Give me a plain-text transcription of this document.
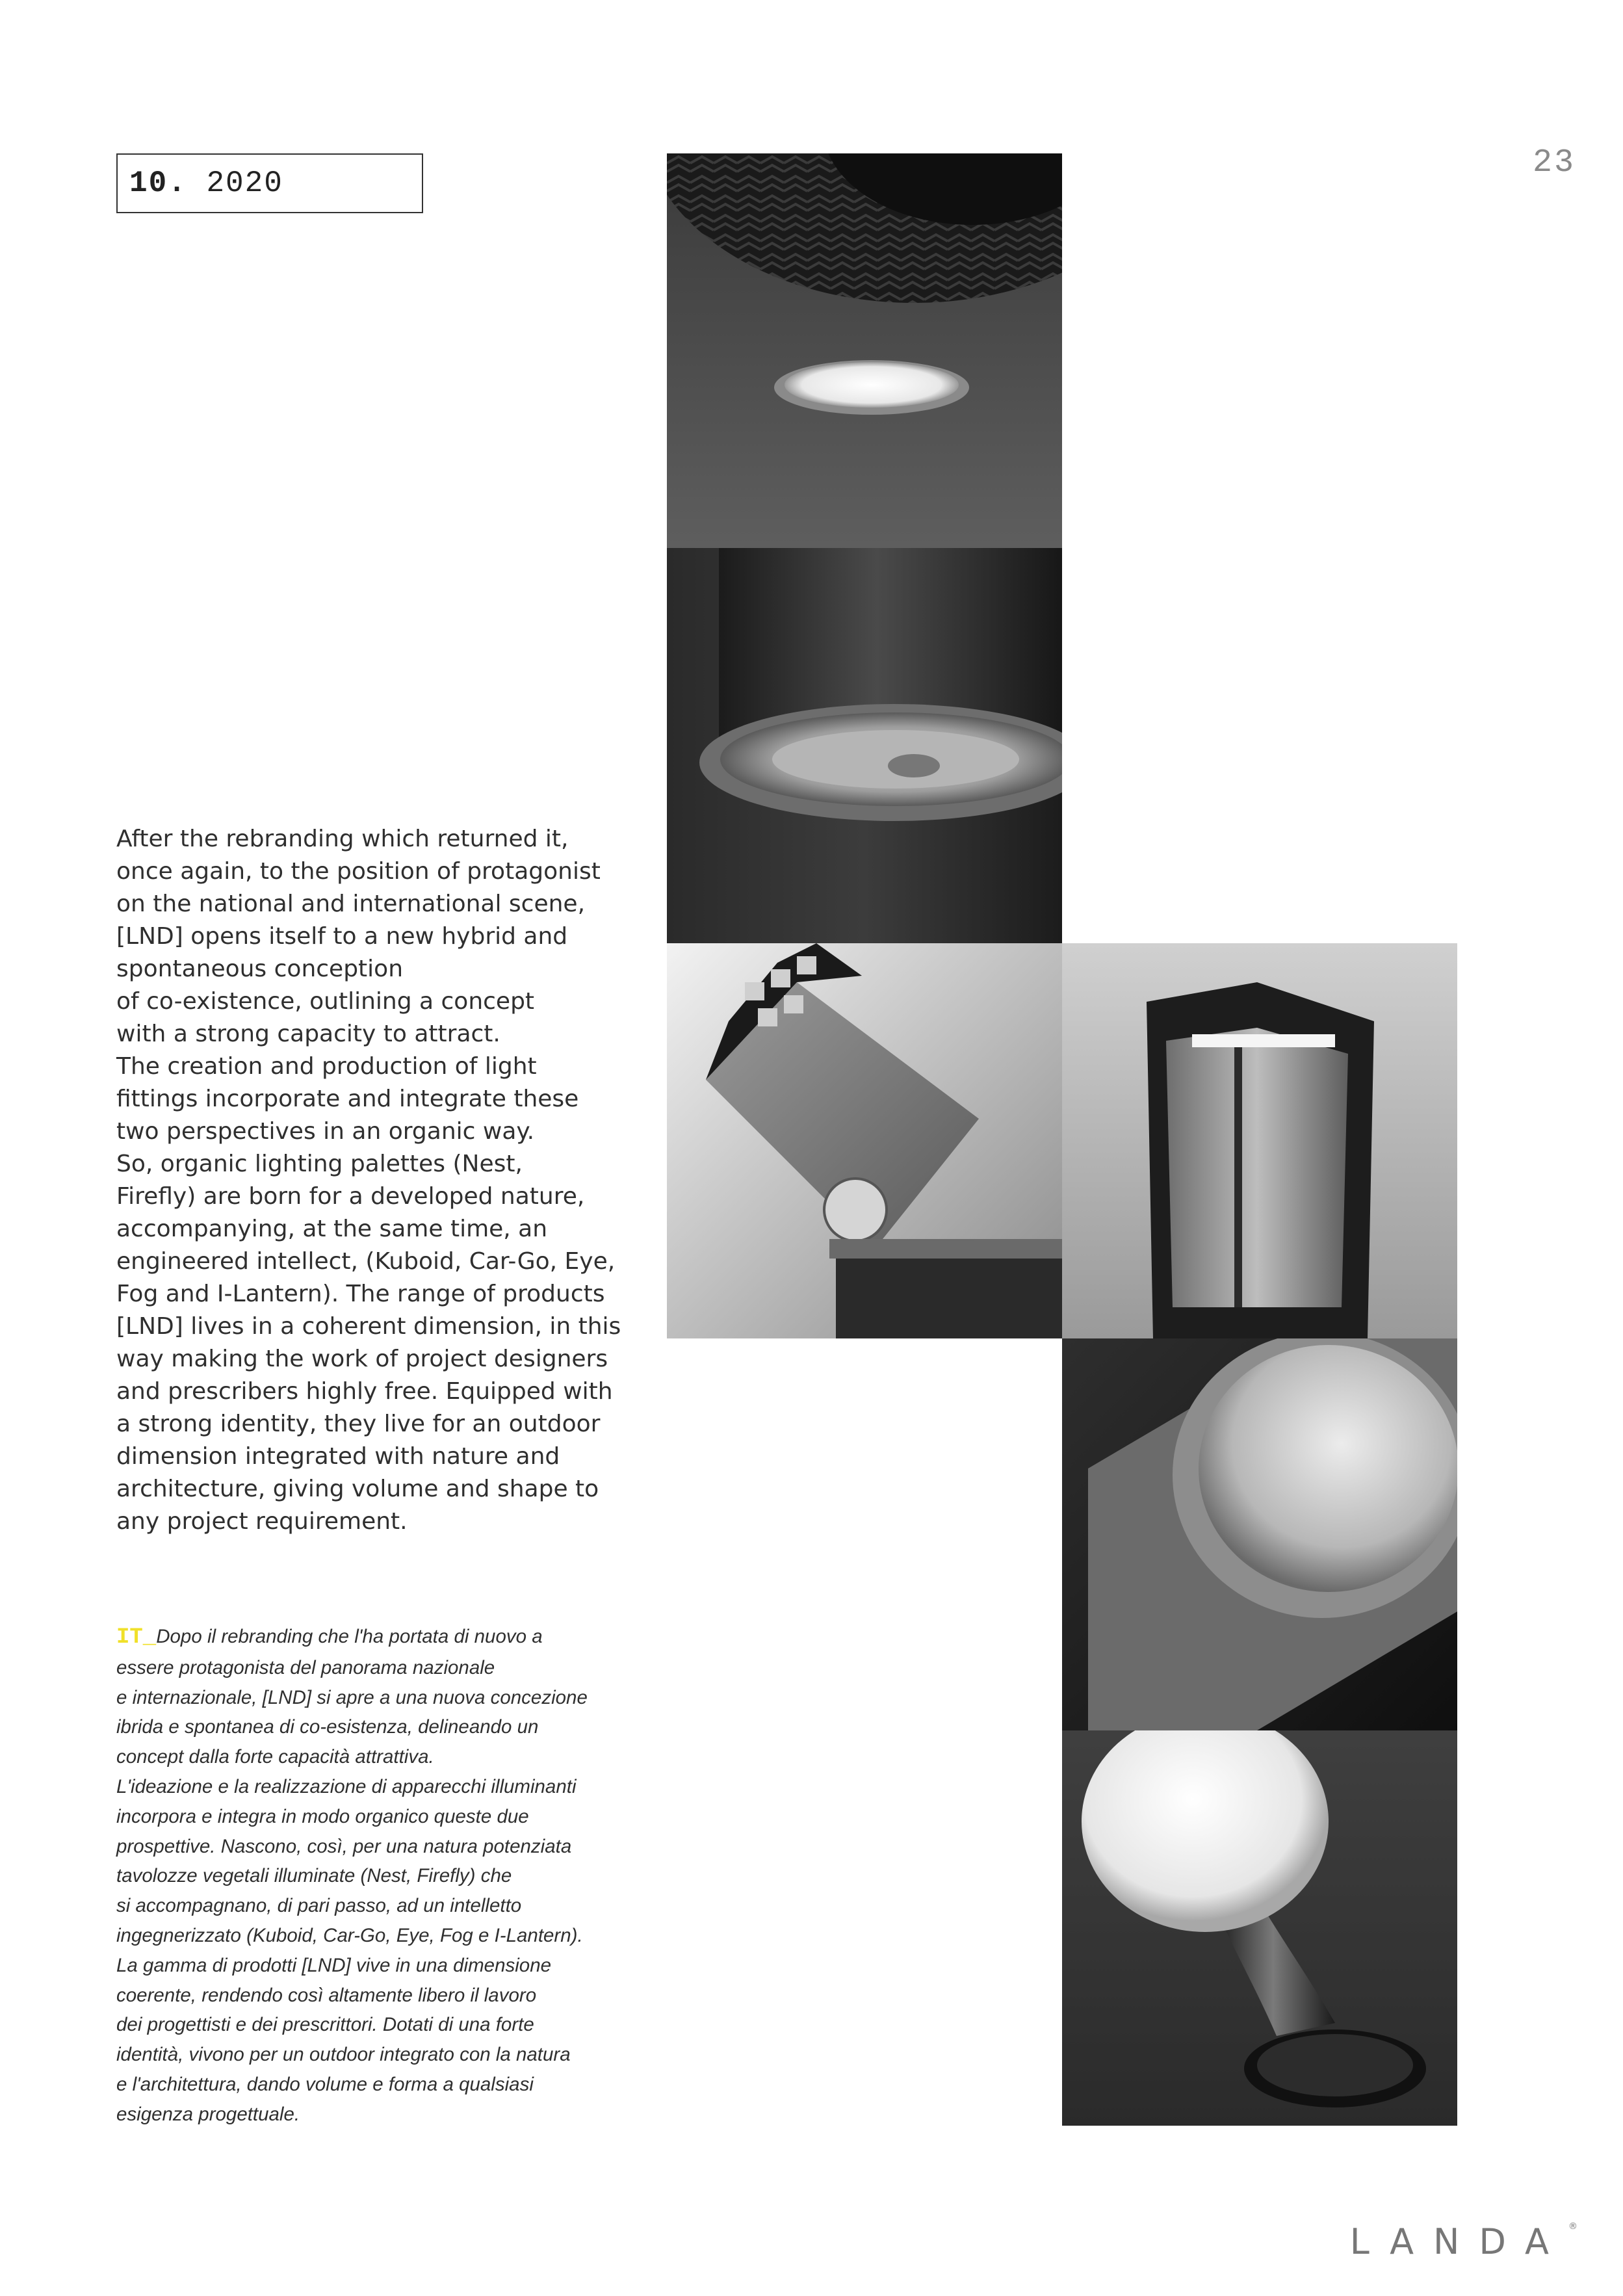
10. 2020
23
After the rebranding which returned it,
once again, to the position of protagonist
on the national and international scene,
[LND] opens itself to a new hybrid and
spontaneous conception
of co-existence, outlining a concept
with a strong capacity to attract.
The creation and production of light
fittings incorporate and integrate these
two perspectives in an organic way.
So, organic lighting palettes (Nest,
Firefly) are born for a developed nature,
accompanying, at the same time, an
engineered intellect, (Kuboid, Car-Go, Eye,
Fog and I-Lantern). The range of products
[LND] lives in a coherent dimension, in this
way making the work of project designers
and prescribers highly free. Equipped with
a strong identity, they live for an outdoor
dimension integrated with nature and
architecture, giving volume and shape to
any project requirement.
IT_Dopo il rebranding che l'ha portata di nuovo a
essere protagonista del panorama nazionale
e internazionale, [LND] si apre a una nuova concezione
ibrida e spontanea di co-esistenza, delineando un
concept dalla forte capacità attrattiva.
L'ideazione e la realizzazione di apparecchi illuminanti
incorpora e integra in modo organico queste due
prospettive. Nascono, così, per una natura potenziata
tavolozze vegetali illuminate (Nest, Firefly) che
si accompagnano, di pari passo, ad un intelletto
ingegnerizzato (Kuboid, Car-Go, Eye, Fog e I-Lantern).
La gamma di prodotti [LND] vive in una dimensione
coerente, rendendo così altamente libero il lavoro
dei progettisti e dei prescrittori. Dotati di una forte
identità, vivono per un outdoor integrato con la natura
e l'architettura, dando volume e forma a qualsiasi
esigenza progettuale.
LANDA®
